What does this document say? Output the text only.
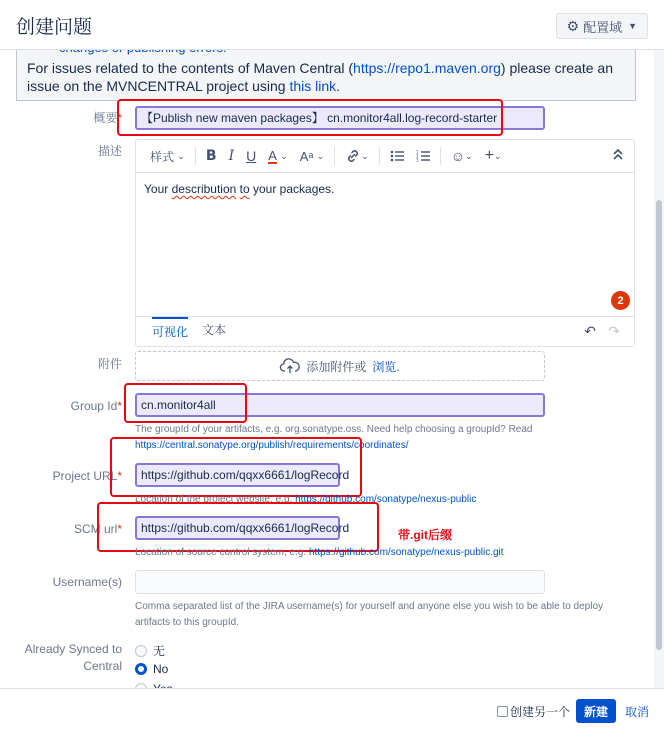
创建问题	⚙ 配置域 ▼
For issues related to the contents of Maven Central (https://repo1.maven.org) please create an issue on the MVNCENTRAL project using this link.
概要*	【Publish new maven packages】 cn.monitor4all.log-record-starter
描述 样式
⌄	B I U A
⌄ Aᵃ
⌄	⌄	1
2
3 ☺ ⌄ + ⌄
Your describution to your packages.
2
可视化 文本	↶ ↷
附件	添加附件或 浏览.
Group Id*	cn.monitor4all
The groupId of your artifacts, e.g. org.sonatype.oss. Need help choosing a groupId? Read
https://central.sonatype.org/publish/requirements/coordinates/
Project URL*	https://github.com/qqxx6661/logRecord
Location of the project website, e.g. https://github.com/sonatype/nexus-public
SCM url*	https://github.com/qqxx6661/logRecord	带.git后缀
Location of source control system, e.g. https://github.com/sonatype/nexus-public.git
Username(s)
Comma separated list of the JIRA username(s) for yourself and anyone else you wish to be able to deploy artifacts to this groupId.
Already Synced to Central
无
No
创建另一个	新建	取消
